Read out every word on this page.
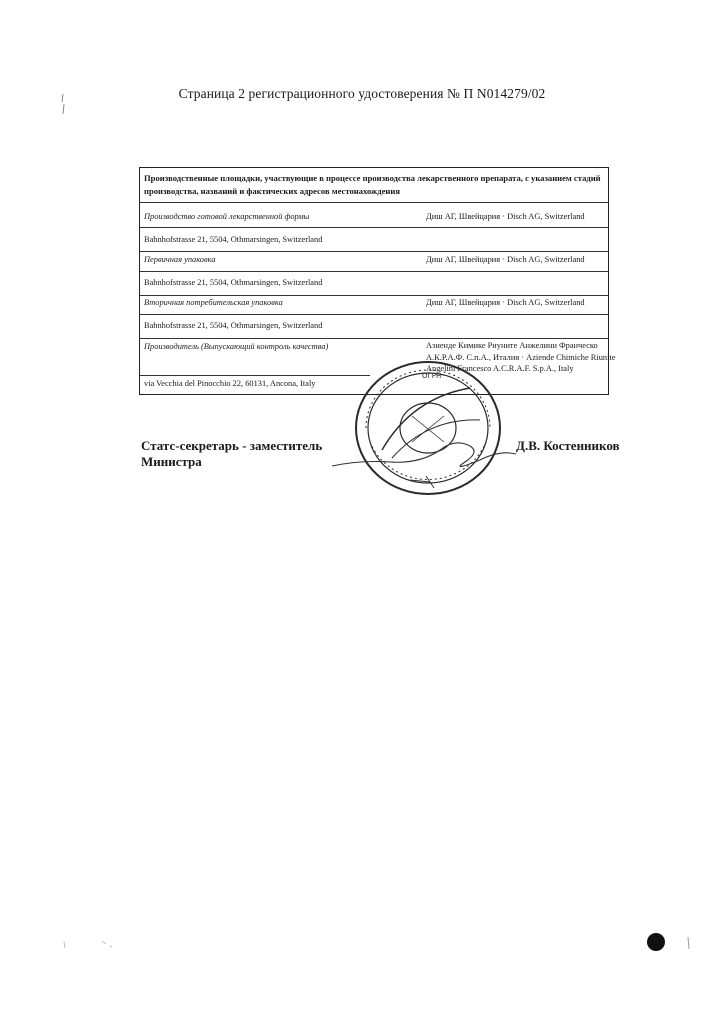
Страница 2 регистрационного удостоверения № П N014279/02
Производственные площадки, участвующие в процессе производства лекарственного препарата, с указанием стадий производства, названий и фактических адресов местонахождения
Производство готовой лекарственной формы	Диш АГ, Швейцария · Disch AG, Switzerland
Bahnhofstrasse 21, 5504, Othmarsingen, Switzerland
Первичная упаковка	Диш АГ, Швейцария · Disch AG, Switzerland
Bahnhofstrasse 21, 5504, Othmarsingen, Switzerland
Вторичная потребительская упаковка	Диш АГ, Швейцария · Disch AG, Switzerland
Bahnhofstrasse 21, 5504, Othmarsingen, Switzerland
Производитель (Выпускающий контроль качества)	Азиенде Кимике Риуните Анжелини Франческо
А.К.Р.А.Ф. С.п.А., Италия · Aziende Chimiche Riunite
Angelini Francesco A.C.R.A.F. S.p.A., Italy
via Vecchia del Pinocchio 22, 60131, Ancona, Italy
ОГРН
Статс-секретарь - заместитель
Министра
Д.В. Костенников
